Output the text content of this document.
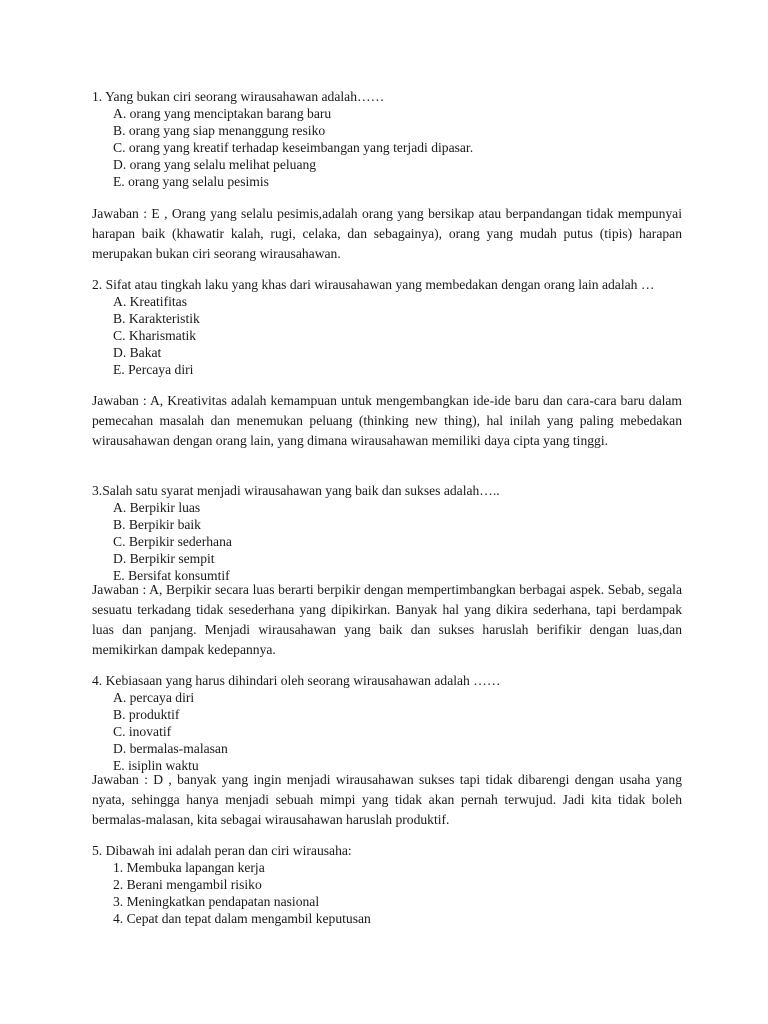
1. Yang bukan ciri seorang wirausahawan adalah……

A. orang yang menciptakan barang baru
B. orang yang siap menanggung resiko
C. orang yang kreatif terhadap keseimbangan yang terjadi dipasar.
D. orang yang selalu melihat peluang
E. orang yang selalu pesimis

Jawaban : E , Orang yang selalu pesimis,adalah orang yang bersikap atau berpandangan tidak mempunyai harapan baik (khawatir kalah, rugi, celaka, dan sebagainya), orang yang mudah putus (tipis) harapan merupakan bukan ciri seorang wirausahawan.

2. Sifat atau tingkah laku yang khas dari wirausahawan yang membedakan dengan orang lain adalah …

A. Kreatifitas
B. Karakteristik
C. Kharismatik
D. Bakat
E. Percaya diri

Jawaban : A, Kreativitas adalah kemampuan untuk mengembangkan ide-ide baru dan cara-cara baru dalam pemecahan masalah dan menemukan peluang (thinking new thing), hal inilah yang paling mebedakan wirausahawan dengan orang lain, yang dimana wirausahawan memiliki daya cipta yang tinggi.

3.Salah satu syarat menjadi wirausahawan yang baik dan sukses adalah…..

A. Berpikir luas
B. Berpikir baik
C. Berpikir sederhana
D. Berpikir sempit
E. Bersifat konsumtif

Jawaban : A, Berpikir secara luas berarti berpikir dengan mempertimbangkan berbagai aspek. Sebab, segala sesuatu terkadang tidak sesederhana yang dipikirkan. Banyak hal yang dikira sederhana, tapi berdampak luas dan panjang. Menjadi wirausahawan yang baik dan sukses haruslah berifikir dengan luas,dan memikirkan dampak kedepannya.

4. Kebiasaan yang harus dihindari oleh seorang wirausahawan adalah ……

A. percaya diri
B. produktif
C. inovatif
D. bermalas-malasan
E. isiplin waktu

Jawaban : D , banyak yang ingin menjadi wirausahawan sukses tapi tidak dibarengi dengan usaha yang nyata, sehingga hanya menjadi sebuah mimpi yang tidak akan pernah terwujud. Jadi kita tidak boleh bermalas-malasan, kita sebagai wirausahawan haruslah produktif.

5. Dibawah ini adalah peran dan ciri wirausaha:

1. Membuka lapangan kerja
2. Berani mengambil risiko
3. Meningkatkan pendapatan nasional
4. Cepat dan tepat dalam mengambil keputusan
